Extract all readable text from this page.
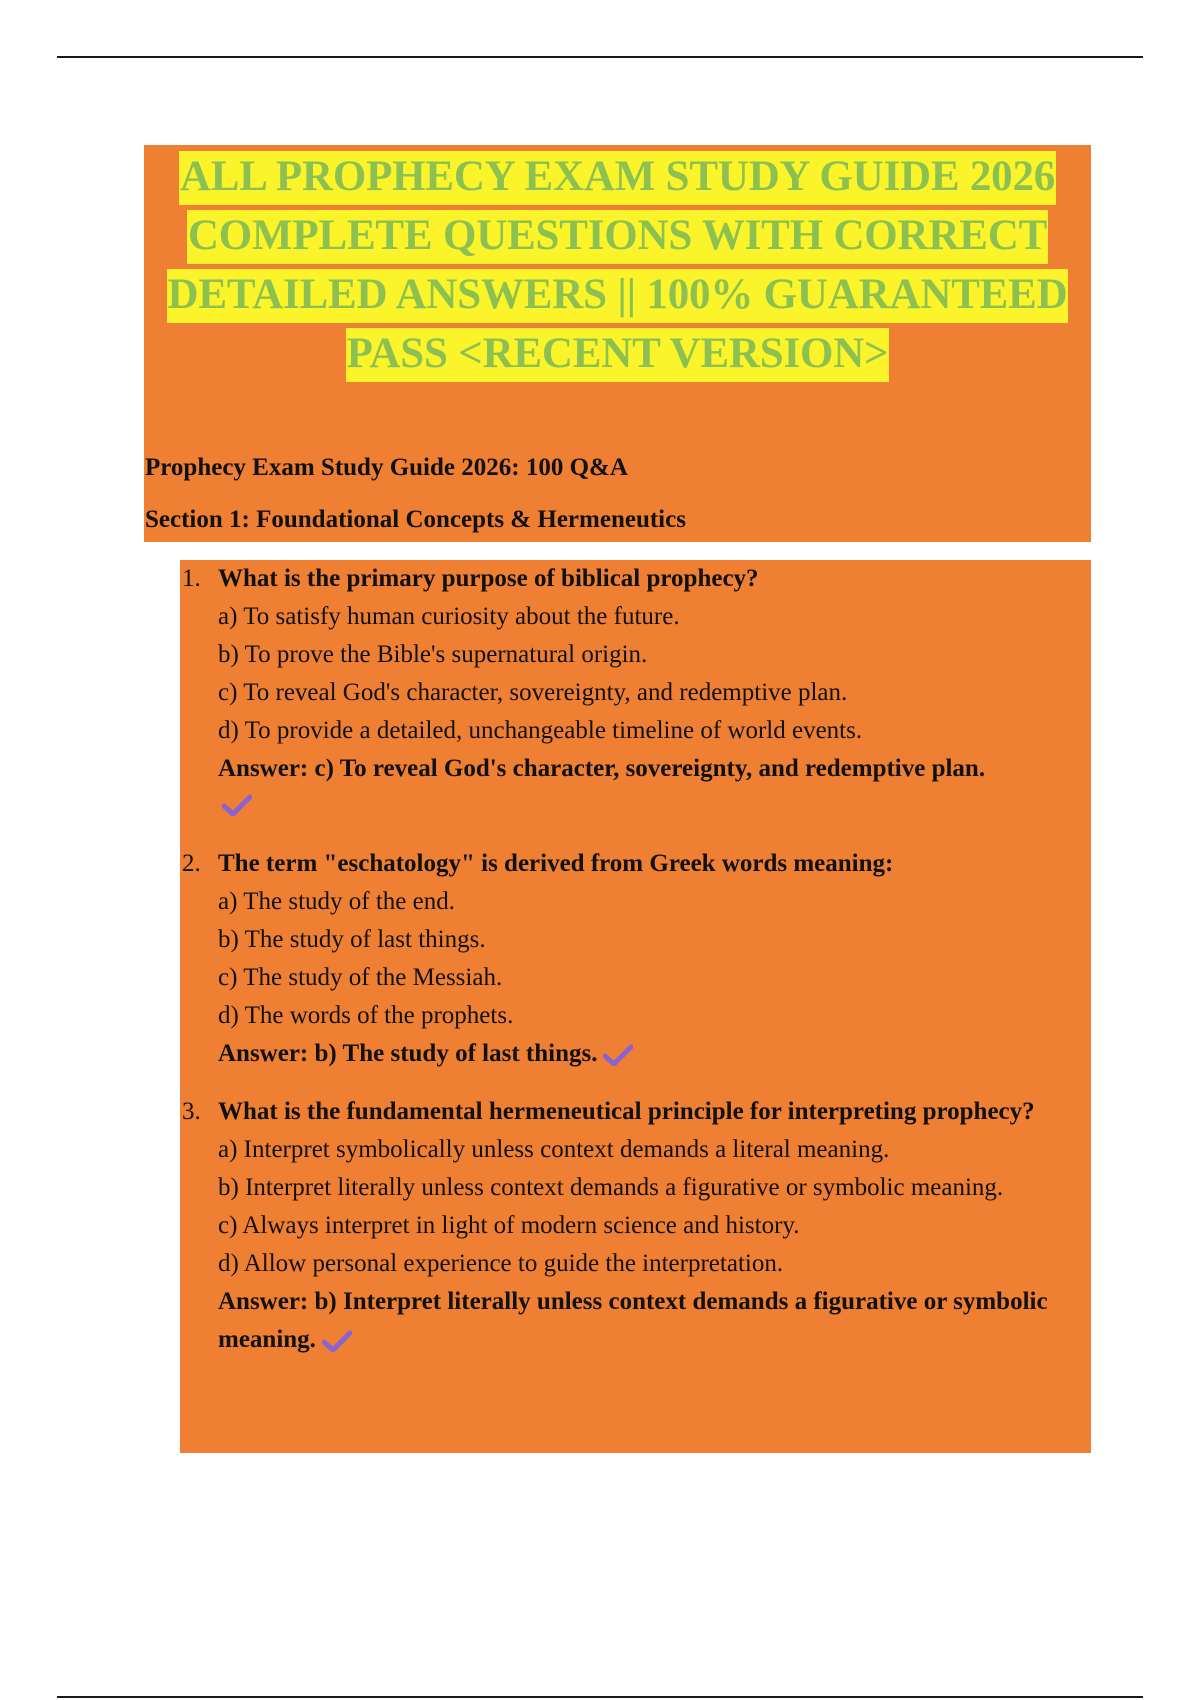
ALL PROPHECY EXAM STUDY GUIDE 2026
COMPLETE QUESTIONS WITH CORRECT
DETAILED ANSWERS || 100% GUARANTEED
PASS <RECENT VERSION>
Prophecy Exam Study Guide 2026: 100 Q&A
Section 1: Foundational Concepts & Hermeneutics
1. What is the primary purpose of biblical prophecy?
a) To satisfy human curiosity about the future.
b) To prove the Bible's supernatural origin.
c) To reveal God's character, sovereignty, and redemptive plan.
d) To provide a detailed, unchangeable timeline of world events.
Answer: c) To reveal God's character, sovereignty, and redemptive plan.
2. The term "eschatology" is derived from Greek words meaning:
a) The study of the end.
b) The study of last things.
c) The study of the Messiah.
d) The words of the prophets.
Answer: b) The study of last things.
3. What is the fundamental hermeneutical principle for interpreting prophecy?
a) Interpret symbolically unless context demands a literal meaning.
b) Interpret literally unless context demands a figurative or symbolic meaning.
c) Always interpret in light of modern science and history.
d) Allow personal experience to guide the interpretation.
Answer: b) Interpret literally unless context demands a figurative or symbolic meaning.
